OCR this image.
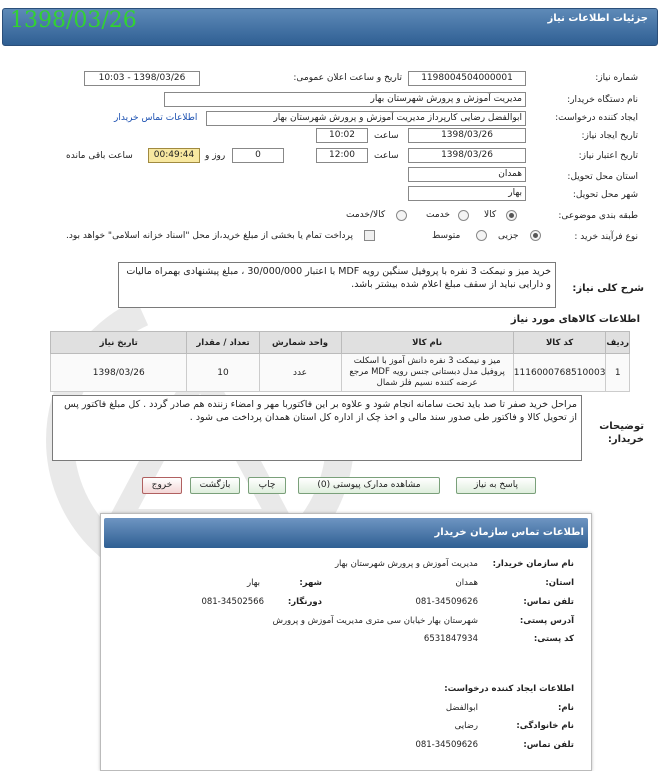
جزئیات اطلاعات نیاز
1398/03/26
شماره نیاز:
1198004504000001
تاریخ و ساعت اعلان عمومی:
1398/03/26 - 10:03
نام دستگاه خریدار:
مدیریت آموزش و پرورش شهرستان بهار
ایجاد کننده درخواست:
ابوالفضل رضایی کارپرداز مدیریت آموزش و پرورش شهرستان بهار
اطلاعات تماس خریدار
تاریخ ایجاد نیاز:
1398/03/26
ساعت
10:02
تاریخ اعتبار نیاز:
1398/03/26
ساعت
12:00
0
روز و
00:49:44
ساعت باقی مانده
استان محل تحویل:
همدان
شهر محل تحویل:
بهار
طبقه بندی موضوعی:
کالا
خدمت
کالا/خدمت
نوع فرآیند خرید :
جزیی
متوسط
پرداخت تمام یا بخشی از مبلغ خرید،از محل "اسناد خزانه اسلامی" خواهد بود.
شرح کلی نیاز:
خرید میز و نیمکت 3 نفره با پروفیل سنگین رویه MDF با اعتبار 30/000/000 ، مبلغ پیشنهادی بهمراه مالیات و دارایی نباید از سقف مبلغ اعلام شده بیشتر باشد.
اطلاعات کالاهای مورد نیاز
ردیف	کد کالا	نام کالا	واحد شمارش	تعداد / مقدار	تاریخ نیاز
1	1116000768510003	میز و نیمکت 3 نفره دانش آموز با اسکلت پروفیل مدل دبستانی جنس رویه MDF مرجع عرضه کننده نسیم فلز شمال	عدد	10	1398/03/26
توضیحات خریدار:
مراحل خرید صفر تا صد باید تحت سامانه انجام شود و علاوه بر این فاکتوربا مهر و امضاء زننده هم صادر گردد . کل مبلغ فاکتور پس از تحویل کالا و فاکتور طی صدور سند مالی و اخذ چک از اداره کل استان همدان پرداخت می شود .
پاسخ به نیاز
مشاهده مدارک پیوستی (0)
چاپ
بازگشت
خروج
اطلاعات تماس سازمان خریدار
نام سازمان خریدار:
مدیریت آموزش و پرورش شهرستان بهار
استان:
همدان
شهر:
بهار
تلفن تماس:
081-34509626
دورنگار:
081-34502566
آدرس پستی:
شهرستان بهار خیابان سی متری مدیریت آموزش و پرورش
کد پستی:
6531847934
اطلاعات ایجاد کننده درخواست:
نام:
ابوالفضل
نام خانوادگی:
رضایی
تلفن تماس:
081-34509626
